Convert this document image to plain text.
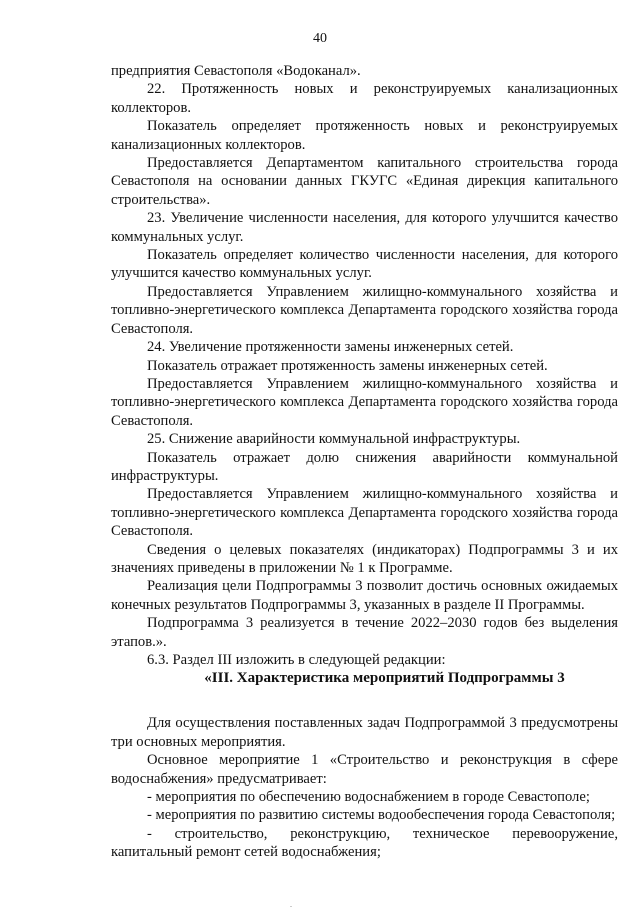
40

предприятия Севастополя «Водоканал».

22. Протяженность новых и реконструируемых канализационных коллекторов.

Показатель определяет протяженность новых и реконструируемых канализационных коллекторов.

Предоставляется Департаментом капитального строительства города Севастополя на основании данных ГКУГС «Единая дирекция капитального строительства».

23. Увеличение численности населения, для которого улучшится качество коммунальных услуг.

Показатель определяет количество численности населения, для которого улучшится качество коммунальных услуг.

Предоставляется Управлением жилищно-коммунального хозяйства и топливно-энергетического комплекса Департамента городского хозяйства города Севастополя.

24. Увеличение протяженности замены инженерных сетей.

Показатель отражает протяженность замены инженерных сетей.

Предоставляется Управлением жилищно-коммунального хозяйства и топливно-энергетического комплекса Департамента городского хозяйства города Севастополя.

25. Снижение аварийности коммунальной инфраструктуры.

Показатель отражает долю снижения аварийности коммунальной инфраструктуры.

Предоставляется Управлением жилищно-коммунального хозяйства и топливно-энергетического комплекса Департамента городского хозяйства города Севастополя.

Сведения о целевых показателях (индикаторах) Подпрограммы 3 и их значениях приведены в приложении № 1 к Программе.

Реализация цели Подпрограммы 3 позволит достичь основных ожидаемых конечных результатов Подпрограммы 3, указанных в разделе II Программы.

Подпрограмма 3 реализуется в течение 2022–2030 годов без выделения этапов.».

6.3. Раздел III изложить в следующей редакции:

«III. Характеристика мероприятий Подпрограммы 3

Для осуществления поставленных задач Подпрограммой 3 предусмотрены три основных мероприятия.

Основное мероприятие 1 «Строительство и реконструкция в сфере водоснабжения» предусматривает:

- мероприятия по обеспечению водоснабжением в городе Севастополе;

- мероприятия по развитию системы водообеспечения города Севастополя;

- строительство, реконструкцию, техническое перевооружение, капитальный ремонт сетей водоснабжения;
